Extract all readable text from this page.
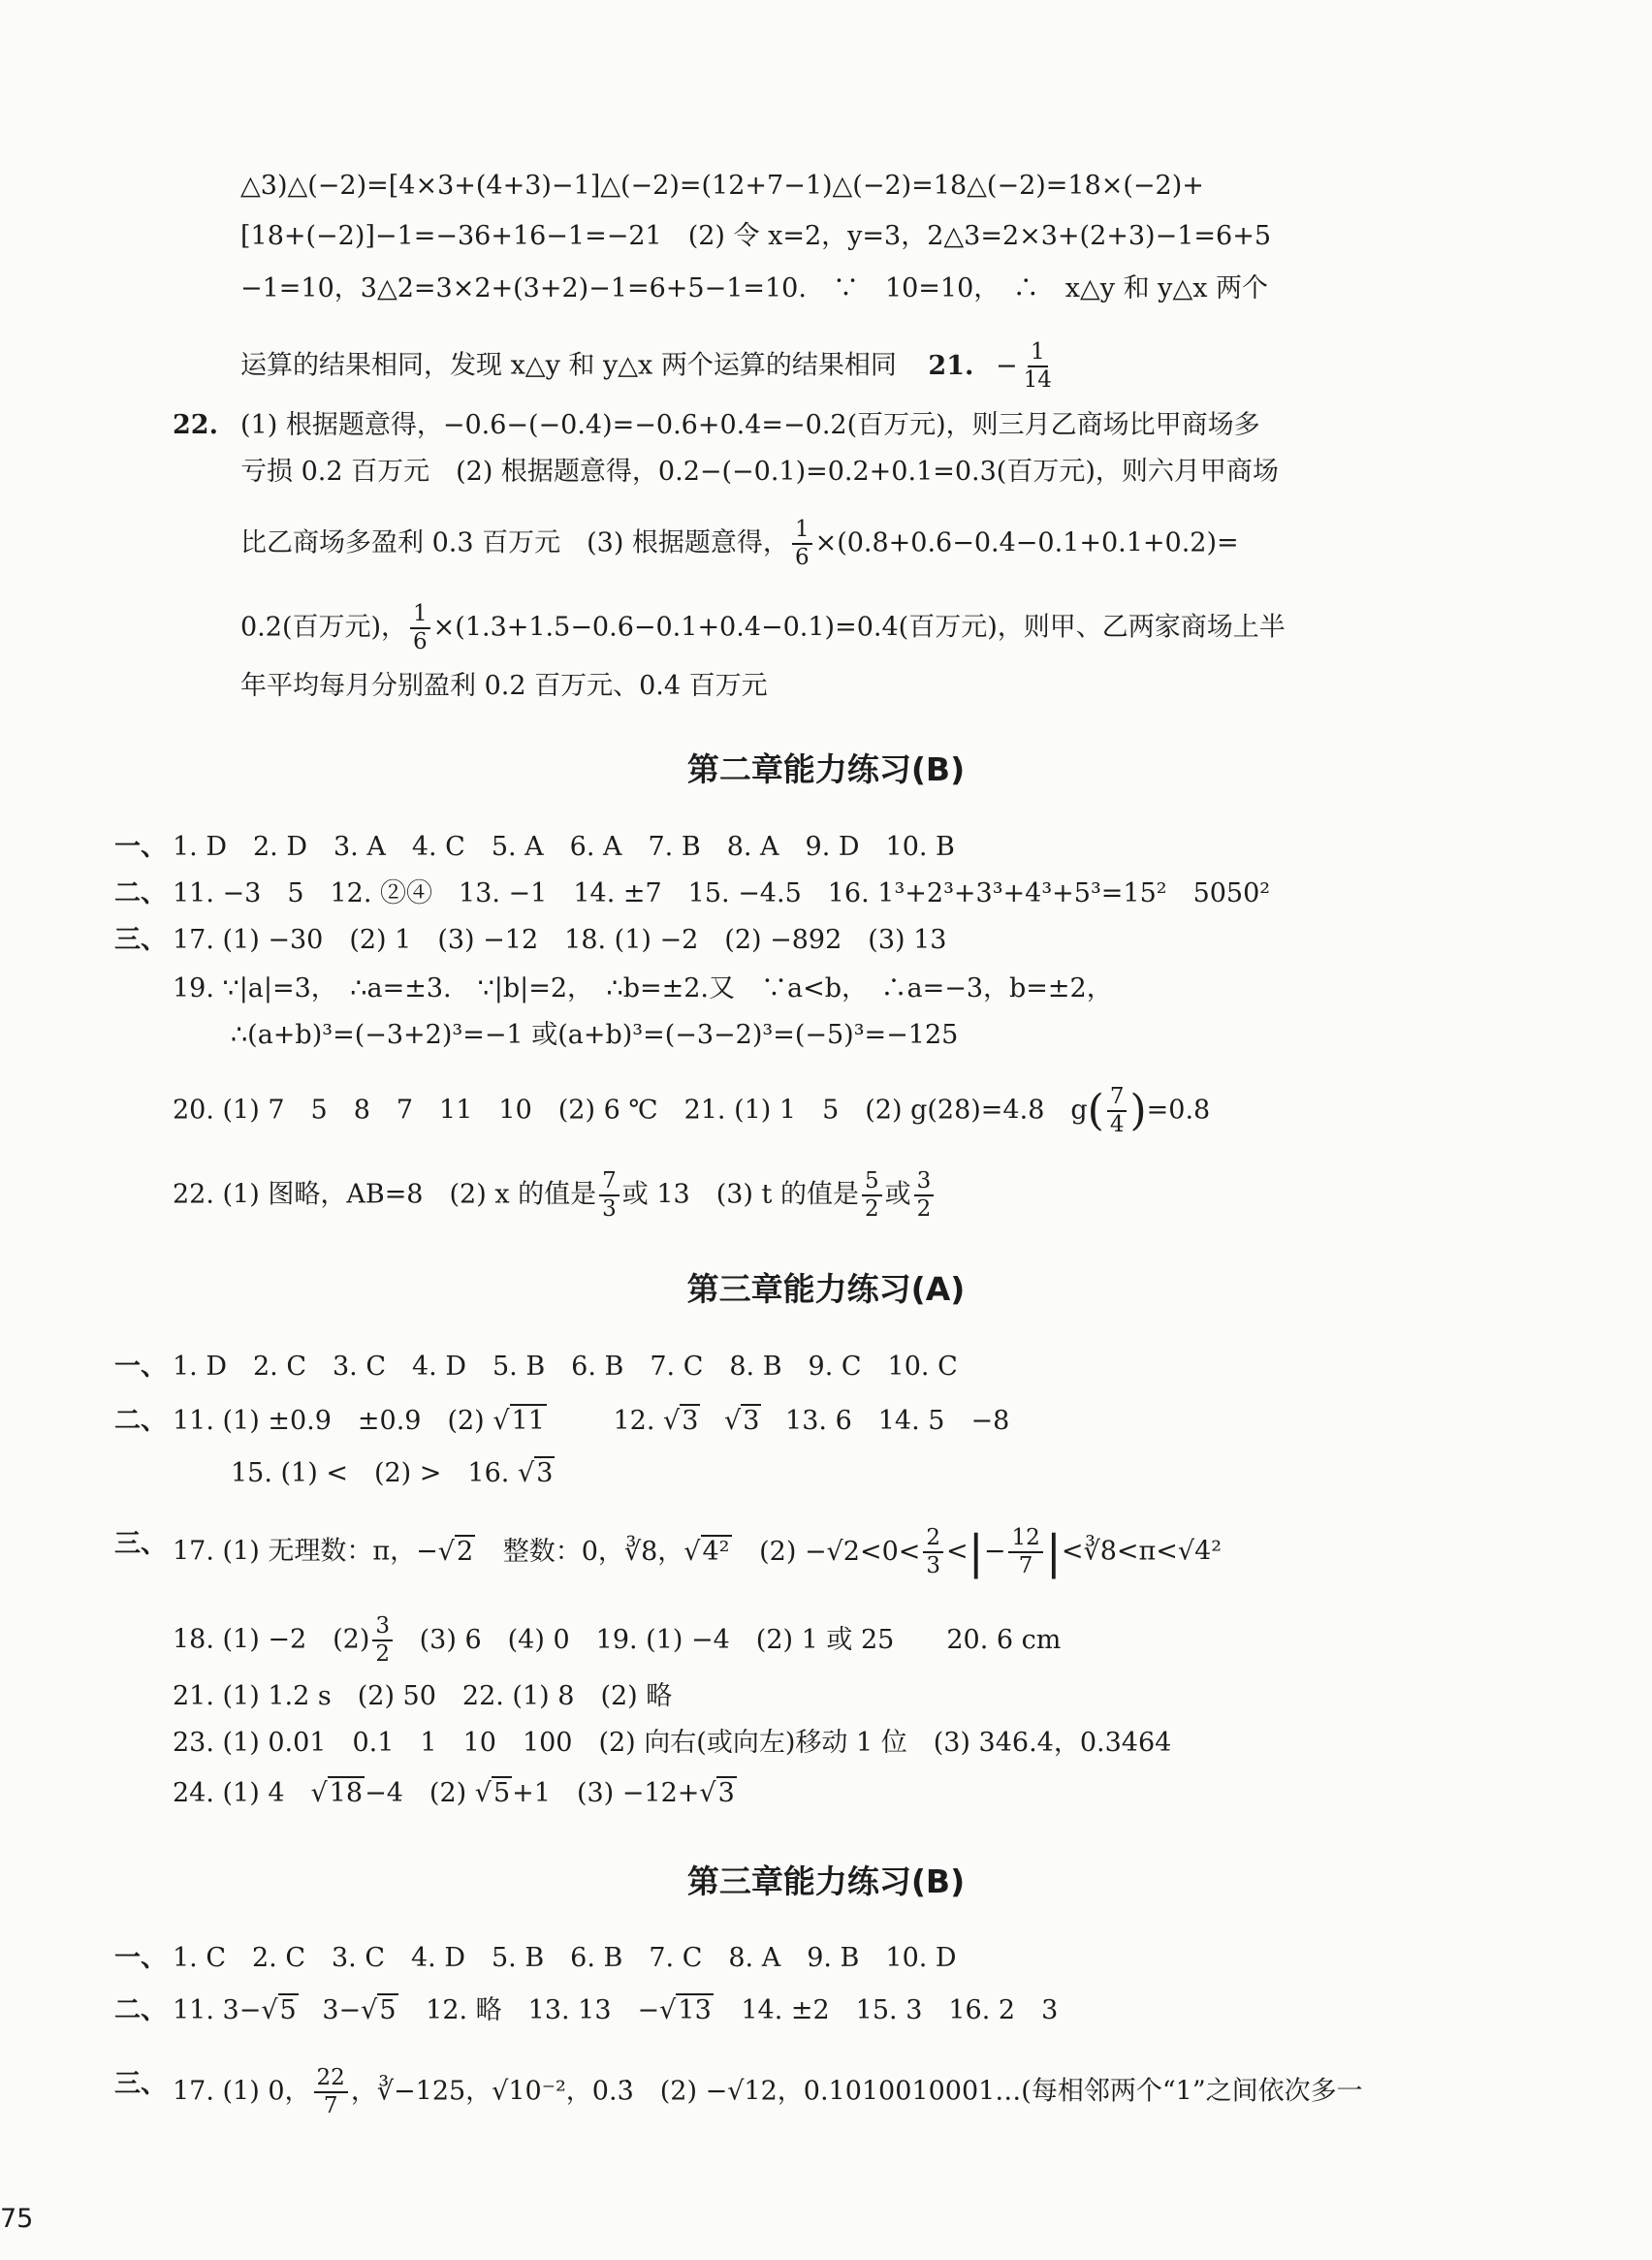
△3)△(−2)=[4×3+(4+3)−1]△(−2)=(12+7−1)△(−2)=18△(−2)=18×(−2)+
[18+(−2)]−1=−36+16−1=−21　(2) 令 x=2，y=3，2△3=2×3+(2+3)−1=6+5
−1=10，3△2=3×2+(3+2)−1=6+5−1=10.　∵　10=10，　∴　x△y 和 y△x 两个
运算的结果相同，发现 x△y 和 y△x 两个运算的结果相同 21. − $\frac{1}{14}$
22. (1) 根据题意得，−0.6−(−0.4)=−0.6+0.4=−0.2(百万元)，则三月乙商场比甲商场多
亏损 0.2 百万元　(2) 根据题意得，0.2−(−0.1)=0.2+0.1=0.3(百万元)，则六月甲商场
比乙商场多盈利 0.3 百万元　(3) 根据题意得， $\frac{1}{6} \times(0.8+0.6-0.4-0.1+0.1+0.2)=$
0.2(百万元)， $\frac{1}{6} \times(1.3+1.5-0.6-0.1+0.4-0.1)=0.4$(百万元)，则甲、乙两家商场上半
年平均每月分别盈利 0.2 百万元、0.4 百万元
第二章能力练习(B)
一、 1. D　2. D　3. A　4. C　5. A　6. A　7. B　8. A　9. D　10. B
二、 11. −3　5　12. ②④　13. −1　14. ±7　15. −4.5　16. 1³+2³+3³+4³+5³=15²　5050²
三、 17. (1) −30　(2) 1　(3) −12　18. (1) −2　(2) −892　(3) 13
19. ∵|a|=3，　∴a=±3.　∵|b|=2，　∴b=±2.又　∵a<b，　∴a=−3，b=±2，
∴(a+b)³=(−3+2)³=−1 或(a+b)³=(−3−2)³=(−5)³=−125
20. (1) 7　5　8　7　11　10　(2) 6 ℃　21. (1) 1　5　(2) g(28)=4.8　$g( \frac{7}{4} )=0.8$
22. (1) 图略，AB=8　(2) x 的值是 $\frac{7}{3}$ 或 13　(3) t 的值是 $\frac{5}{2}$ 或 $\frac{3}{2}$
第三章能力练习(A)
一、 1. D　2. C　3. C　4. D　5. B　6. B　7. C　8. B　9. C　10. C
二、 11. (1) ±0.9　±0.9　(2) √11	12. √3 √3 13. 6　14. 5　−8
15. (1) <　(2) >　16. √3
三、 17. (1) 无理数：π，−√2 整数：0，∛8，√4² $(2) -√2<0< \frac{2}{3}$ <|− $\frac{12}{7}$ |<∛8<π<√4²
18. (1) −2　$(2) \frac{3}{2} (3)$ 6　(4) 0　19. (1) −4　(2) 1 或 25　　20. 6 cm
21. (1) 1.2 s　(2) 50　22. (1) 8　(2) 略
23. (1) 0.01　0.1　1　10　100　(2) 向右(或向左)移动 1 位　(3) 346.4，0.3464
24. (1) 4　√18−4　(2) √5+1　(3) −12+√3
第三章能力练习(B)
一、 1. C　2. C　3. C　4. D　5. B　6. B　7. C　8. A　9. B　10. D
二、 11. 3−√5 3−√5 12. 略　13. 13　−√13 14. ±2　15. 3　16. 2　3
三、 17. (1) 0， $\frac{22}{7}$ ，∛−125，√10⁻²，0.3̇　(2) −√12，0.1010010001…(每相邻两个“1”之间依次多一
75
